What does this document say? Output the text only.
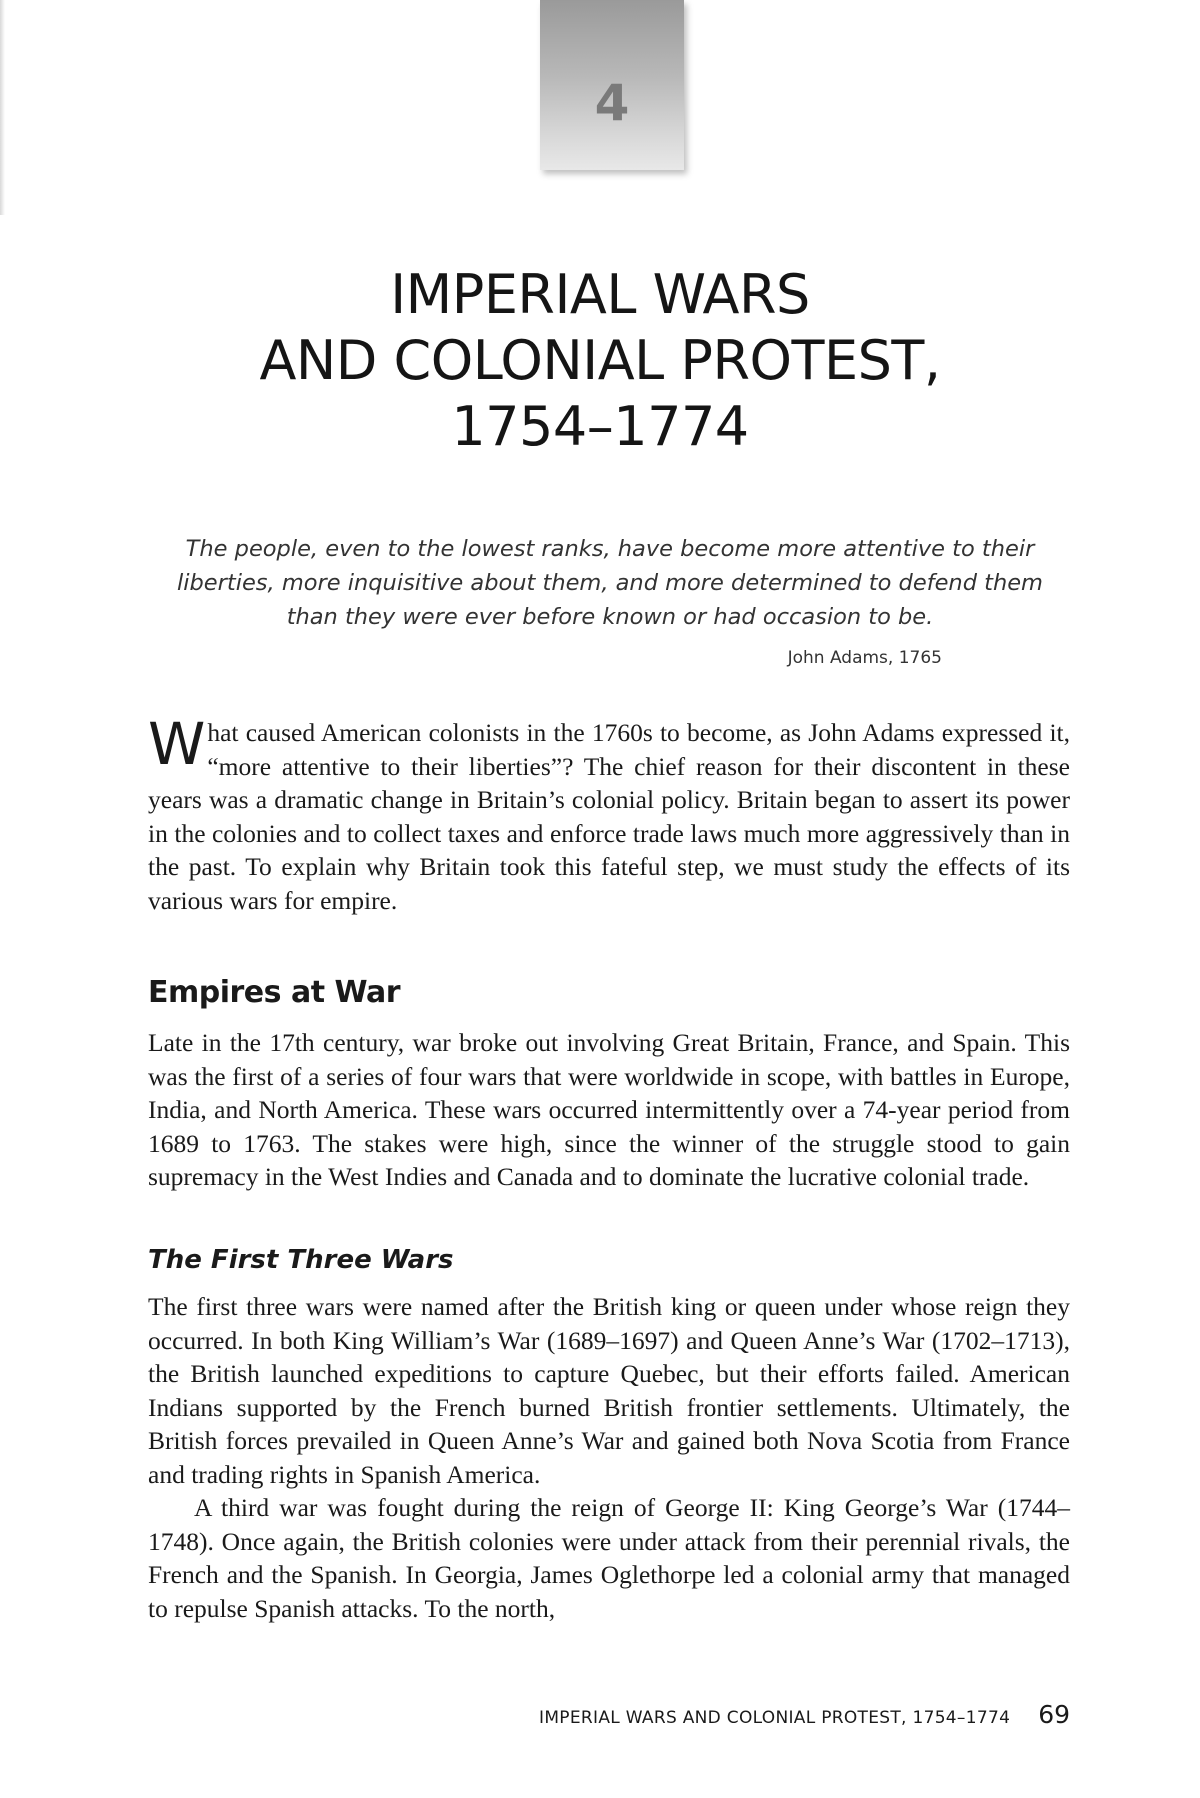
4
IMPERIAL WARS
AND COLONIAL PROTEST,
1754–1774
The people, even to the lowest ranks, have become more attentive to their liberties, more inquisitive about them, and more determined to defend them than they were ever before known or had occasion to be.
John Adams, 1765

What caused American colonists in the 1760s to become, as John Adams expressed it, “more attentive to their liberties”? The chief reason for their discontent in these years was a dramatic change in Britain’s colonial policy. Britain began to assert its power in the colonies and to collect taxes and enforce trade laws much more aggressively than in the past. To explain why Britain took this fateful step, we must study the effects of its various wars for empire.

Empires at War

Late in the 17th century, war broke out involving Great Britain, France, and Spain. This was the first of a series of four wars that were worldwide in scope, with battles in Europe, India, and North America. These wars occurred intermittently over a 74-year period from 1689 to 1763. The stakes were high, since the winner of the struggle stood to gain supremacy in the West Indies and Canada and to dominate the lucrative colonial trade.

The First Three Wars

The first three wars were named after the British king or queen under whose reign they occurred. In both King William’s War (1689–1697) and Queen Anne’s War (1702–1713), the British launched expeditions to capture Quebec, but their efforts failed. American Indians supported by the French burned British frontier settlements. Ultimately, the British forces prevailed in Queen Anne’s War and gained both Nova Scotia from France and trading rights in Spanish America.

A third war was fought during the reign of George II: King George’s War (1744–1748). Once again, the British colonies were under attack from their perennial rivals, the French and the Spanish. In Georgia, James Oglethorpe led a colonial army that managed to repulse Spanish attacks. To the north,

IMPERIAL WARS AND COLONIAL PROTEST, 1754–1774 69
